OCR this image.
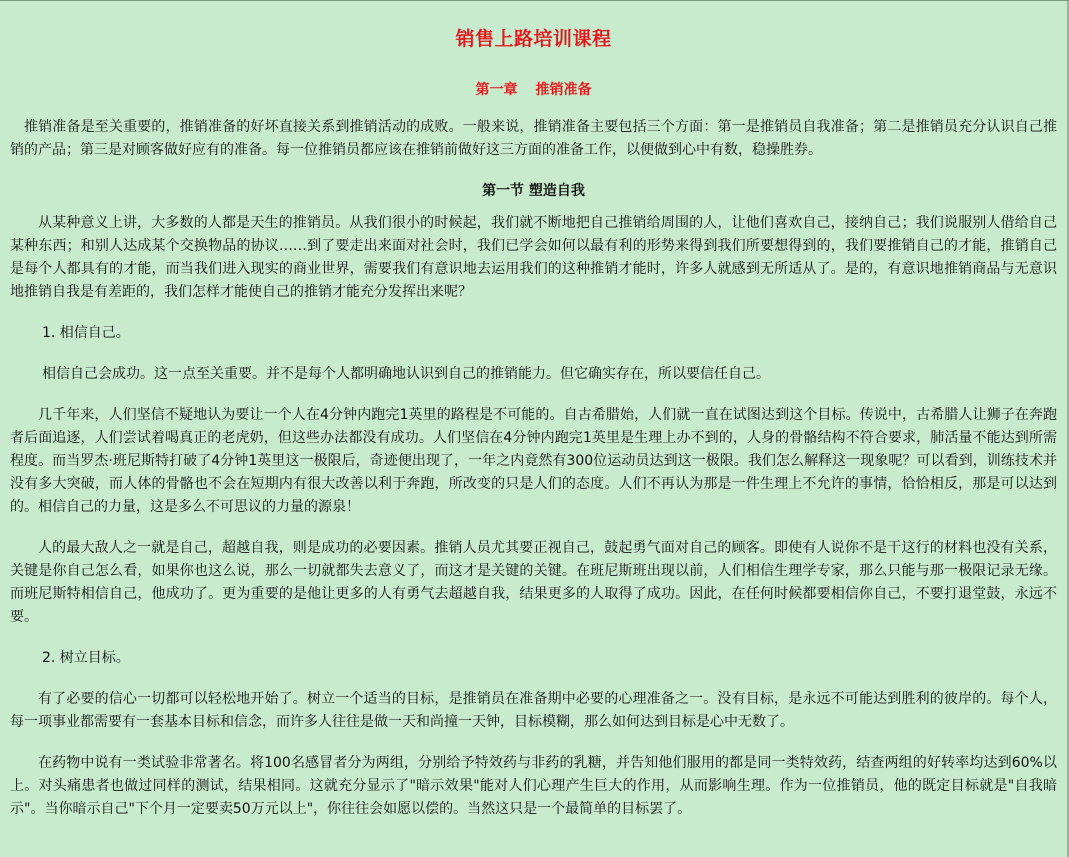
销售上路培训课程
第一章 推销准备

推销准备是至关重要的，推销准备的好坏直接关系到推销活动的成败。一般来说，推销准备主要包括三个方面：第一是推销员自我准备；第二是推销员充分认识自己推销的产品；第三是对顾客做好应有的准备。每一位推销员都应该在推销前做好这三方面的准备工作，以便做到心中有数，稳操胜券。

第一节 塑造自我

从某种意义上讲，大多数的人都是天生的推销员。从我们很小的时候起，我们就不断地把自己推销给周围的人，让他们喜欢自己，接纳自己；我们说服别人借给自己某种东西；和别人达成某个交换物品的协议……到了要走出来面对社会时，我们已学会如何以最有利的形势来得到我们所要想得到的，我们要推销自己的才能，推销自己是每个人都具有的才能，而当我们进入现实的商业世界，需要我们有意识地去运用我们的这种推销才能时，许多人就感到无所适从了。是的，有意识地推销商品与无意识地推销自我是有差距的，我们怎样才能使自己的推销才能充分发挥出来呢？

1. 相信自己。

相信自己会成功。这一点至关重要。并不是每个人都明确地认识到自己的推销能力。但它确实存在，所以要信任自己。

几千年来，人们坚信不疑地认为要让一个人在4分钟内跑完1英里的路程是不可能的。自古希腊始，人们就一直在试图达到这个目标。传说中，古希腊人让狮子在奔跑者后面追逐，人们尝试着喝真正的老虎奶，但这些办法都没有成功。人们坚信在4分钟内跑完1英里是生理上办不到的，人身的骨骼结构不符合要求，肺活量不能达到所需程度。而当罗杰·班尼斯特打破了4分钟1英里这一极限后，奇迹便出现了，一年之内竟然有300位运动员达到这一极限。我们怎么解释这一现象呢？可以看到，训练技术并没有多大突破，而人体的骨骼也不会在短期内有很大改善以利于奔跑，所改变的只是人们的态度。人们不再认为那是一件生理上不允许的事情，恰恰相反，那是可以达到的。相信自己的力量，这是多么不可思议的力量的源泉！

人的最大敌人之一就是自己，超越自我，则是成功的必要因素。推销人员尤其要正视自己，鼓起勇气面对自己的顾客。即使有人说你不是干这行的材料也没有关系，关键是你自己怎么看，如果你也这么说，那么一切就都失去意义了，而这才是关键的关键。在班尼斯班出现以前，人们相信生理学专家，那么只能与那一极限记录无缘。而班尼斯特相信自己，他成功了。更为重要的是他让更多的人有勇气去超越自我，结果更多的人取得了成功。因此，在任何时候都要相信你自己，不要打退堂鼓，永远不要。

2. 树立目标。

有了必要的信心一切都可以轻松地开始了。树立一个适当的目标，是推销员在准备期中必要的心理准备之一。没有目标，是永远不可能达到胜利的彼岸的。每个人，每一项事业都需要有一套基本目标和信念，而许多人往往是做一天和尚撞一天钟，目标模糊，那么如何达到目标是心中无数了。

在药物中说有一类试验非常著名。将100名感冒者分为两组，分别给予特效药与非药的乳糖，并告知他们服用的都是同一类特效药，结查两组的好转率均达到60%以上。对头痛患者也做过同样的测试，结果相同。这就充分显示了"暗示效果"能对人们心理产生巨大的作用，从而影响生理。作为一位推销员，他的既定目标就是"自我暗示"。当你暗示自己"下个月一定要卖50万元以上"，你往往会如愿以偿的。当然这只是一个最简单的目标罢了。
